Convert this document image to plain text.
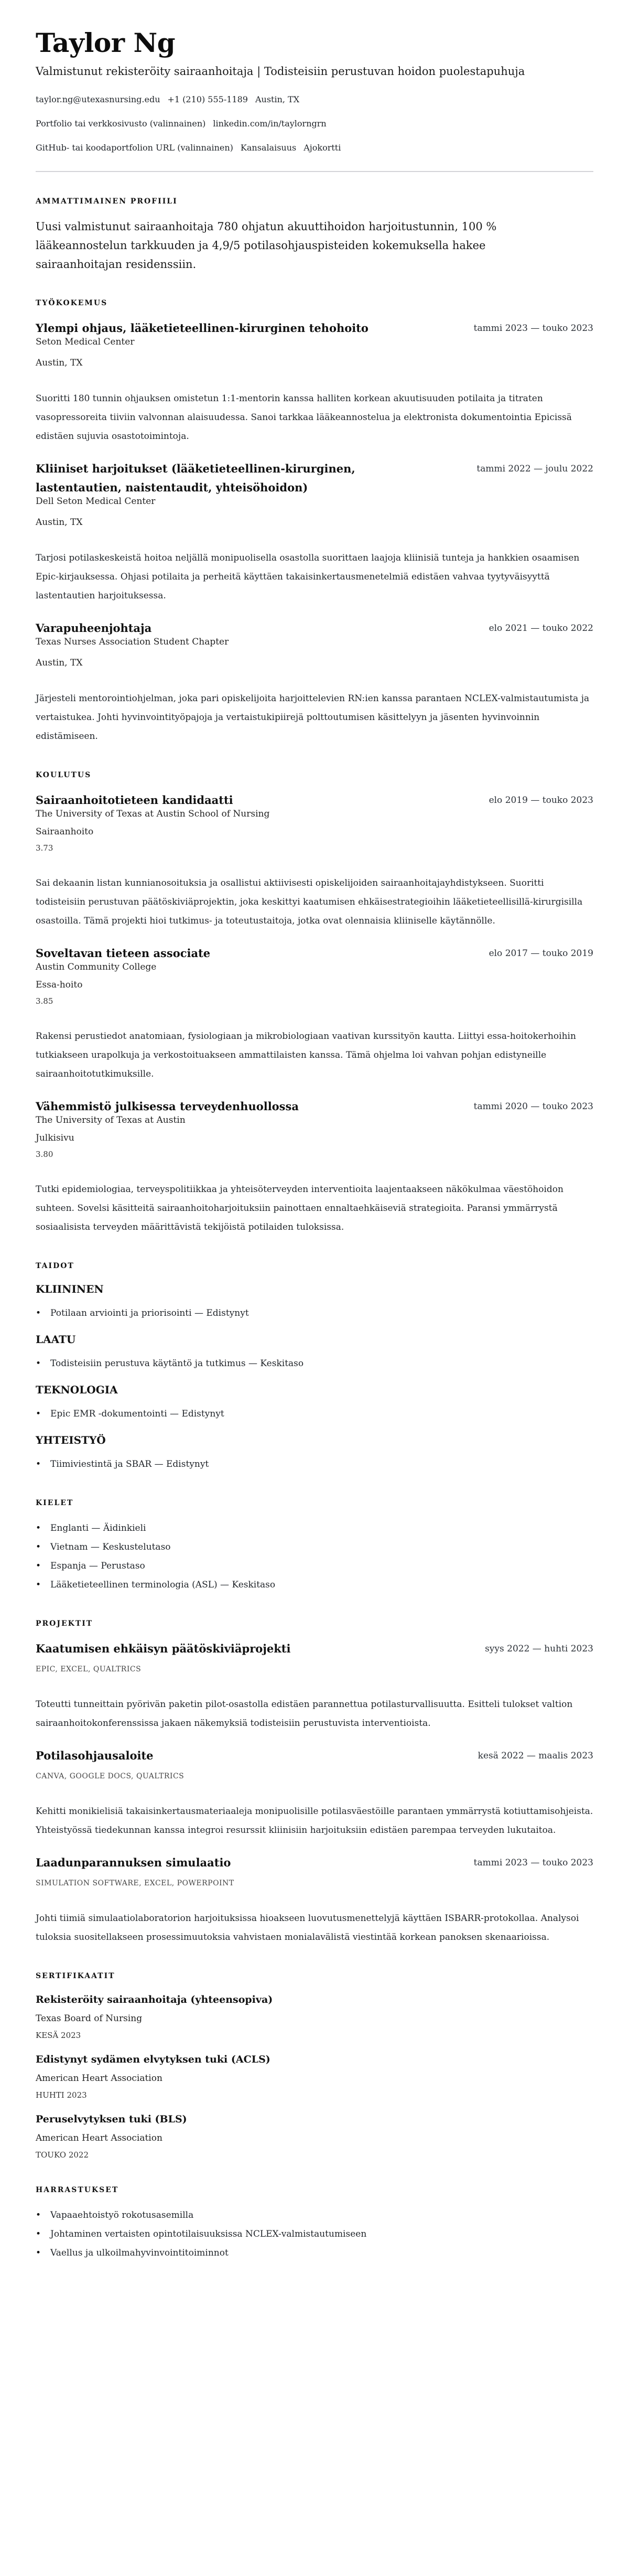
Taylor Ng
Valmistunut rekisteröity sairaanhoitaja | Todisteisiin perustuvan hoidon puolestapuhuja
taylor.ng@utexasnursing.edu +1 (210) 555-1189 Austin, TX
Portfolio tai verkkosivusto (valinnainen) linkedin.com/in/taylorngrn
GitHub- tai koodaportfolion URL (valinnainen) Kansalaisuus Ajokortti
AMMATTIMAINEN PROFIILI

Uusi valmistunut sairaanhoitaja 780 ohjatun akuuttihoidon harjoitustunnin, 100 % lääkeannostelun tarkkuuden ja 4,9/5 potilasohjauspisteiden kokemuksella hakee sairaanhoitajan residenssiin.

TYÖKOKEMUS
Ylempi ohjaus, lääketieteellinen-kirurginen tehohoito	tammi 2023 — touko 2023
Seton Medical Center
Austin, TX

Suoritti 180 tunnin ohjauksen omistetun 1:1-mentorin kanssa halliten korkean akuutisuuden potilaita ja titraten vasopressoreita tiiviin valvonnan alaisuudessa. Sanoi tarkkaa lääkeannostelua ja elektronista dokumentointia Epicissä edistäen sujuvia osastotoimintoja.

Kliiniset harjoitukset (lääketieteellinen-kirurginen, lastentautien, naistentaudit, yhteisöhoidon)
tammi 2022 — joulu 2022
Dell Seton Medical Center
Austin, TX

Tarjosi potilaskeskeistä hoitoa neljällä monipuolisella osastolla suorittaen laajoja kliinisiä tunteja ja hankkien osaamisen Epic-kirjauksessa. Ohjasi potilaita ja perheitä käyttäen takaisinkertausmenetelmiä edistäen vahvaa tyytyväisyyttä lastentautien harjoituksessa.

Varapuheenjohtaja	elo 2021 — touko 2022
Texas Nurses Association Student Chapter
Austin, TX

Järjesteli mentorointiohjelman, joka pari opiskelijoita harjoittelevien RN:ien kanssa parantaen NCLEX-valmistautumista ja vertaistukea. Johti hyvinvointityöpajoja ja vertaistukipiirejä polttoutumisen käsittelyyn ja jäsenten hyvinvoinnin edistämiseen.

KOULUTUS
Sairaanhoitotieteen kandidaatti	elo 2019 — touko 2023
The University of Texas at Austin School of Nursing
Sairaanhoito
3.73

Sai dekaanin listan kunnianosoituksia ja osallistui aktiivisesti opiskelijoiden sairaanhoitajayhdistykseen. Suoritti todisteisiin perustuvan päätöskiviäprojektin, joka keskittyi kaatumisen ehkäisestrategioihin lääketieteellisillä-kirurgisilla osastoilla. Tämä projekti hioi tutkimus- ja toteutustaitoja, jotka ovat olennaisia kliiniselle käytännölle.

Soveltavan tieteen associate	elo 2017 — touko 2019
Austin Community College
Essa-hoito
3.85

Rakensi perustiedot anatomiaan, fysiologiaan ja mikrobiologiaan vaativan kurssityön kautta. Liittyi essa-hoitokerhoihin tutkiakseen urapolkuja ja verkostoituakseen ammattilaisten kanssa. Tämä ohjelma loi vahvan pohjan edistyneille sairaanhoitotutkimuksille.

Vähemmistö julkisessa terveydenhuollossa	tammi 2020 — touko 2023
The University of Texas at Austin
Julkisivu
3.80

Tutki epidemiologiaa, terveyspolitiikkaa ja yhteisöterveyden interventioita laajentaakseen näkökulmaa väestöhoidon suhteen. Sovelsi käsitteitä sairaanhoitoharjoituksiin painottaen ennaltaehkäiseviä strategioita. Paransi ymmärrystä sosiaalisista terveyden määrittävistä tekijöistä potilaiden tuloksissa.

TAIDOT
KLIININEN
• Potilaan arviointi ja priorisointi — Edistynyt
LAATU
• Todisteisiin perustuva käytäntö ja tutkimus — Keskitaso
TEKNOLOGIA
• Epic EMR -dokumentointi — Edistynyt
YHTEISTYÖ
• Tiimiviestintä ja SBAR — Edistynyt
KIELET
• Englanti — Äidinkieli
• Vietnam — Keskustelutaso
• Espanja — Perustaso
• Lääketieteellinen terminologia (ASL) — Keskitaso
PROJEKTIT
Kaatumisen ehkäisyn päätöskiviäprojekti	syys 2022 — huhti 2023
EPIC, EXCEL, QUALTRICS

Toteutti tunneittain pyörivän paketin pilot-osastolla edistäen parannettua potilasturvallisuutta. Esitteli tulokset valtion sairaanhoitokonferenssissa jakaen näkemyksiä todisteisiin perustuvista interventioista.

Potilasohjausaloite	kesä 2022 — maalis 2023
CANVA, GOOGLE DOCS, QUALTRICS

Kehitti monikielisiä takaisinkertausmateriaaleja monipuolisille potilasväestöille parantaen ymmärrystä kotiuttamisohjeista. Yhteistyössä tiedekunnan kanssa integroi resurssit kliinisiin harjoituksiin edistäen parempaa terveyden lukutaitoa.

Laadunparannuksen simulaatio	tammi 2023 — touko 2023
SIMULATION SOFTWARE, EXCEL, POWERPOINT

Johti tiimiä simulaatiolaboratorion harjoituksissa hioakseen luovutusmenettelyjä käyttäen ISBARR-protokollaa. Analysoi tuloksia suositellakseen prosessimuutoksia vahvistaen monialavälistä viestintää korkean panoksen skenaarioissa.

SERTIFIKAATIT
Rekisteröity sairaanhoitaja (yhteensopiva)
Texas Board of Nursing
KESÄ 2023
Edistynyt sydämen elvytyksen tuki (ACLS)
American Heart Association
HUHTI 2023
Peruselvytyksen tuki (BLS)
American Heart Association
TOUKO 2022
HARRASTUKSET
• Vapaaehtoistyö rokotusasemilla
• Johtaminen vertaisten opintotilaisuuksissa NCLEX-valmistautumiseen
• Vaellus ja ulkoilmahyvinvointitoiminnot
